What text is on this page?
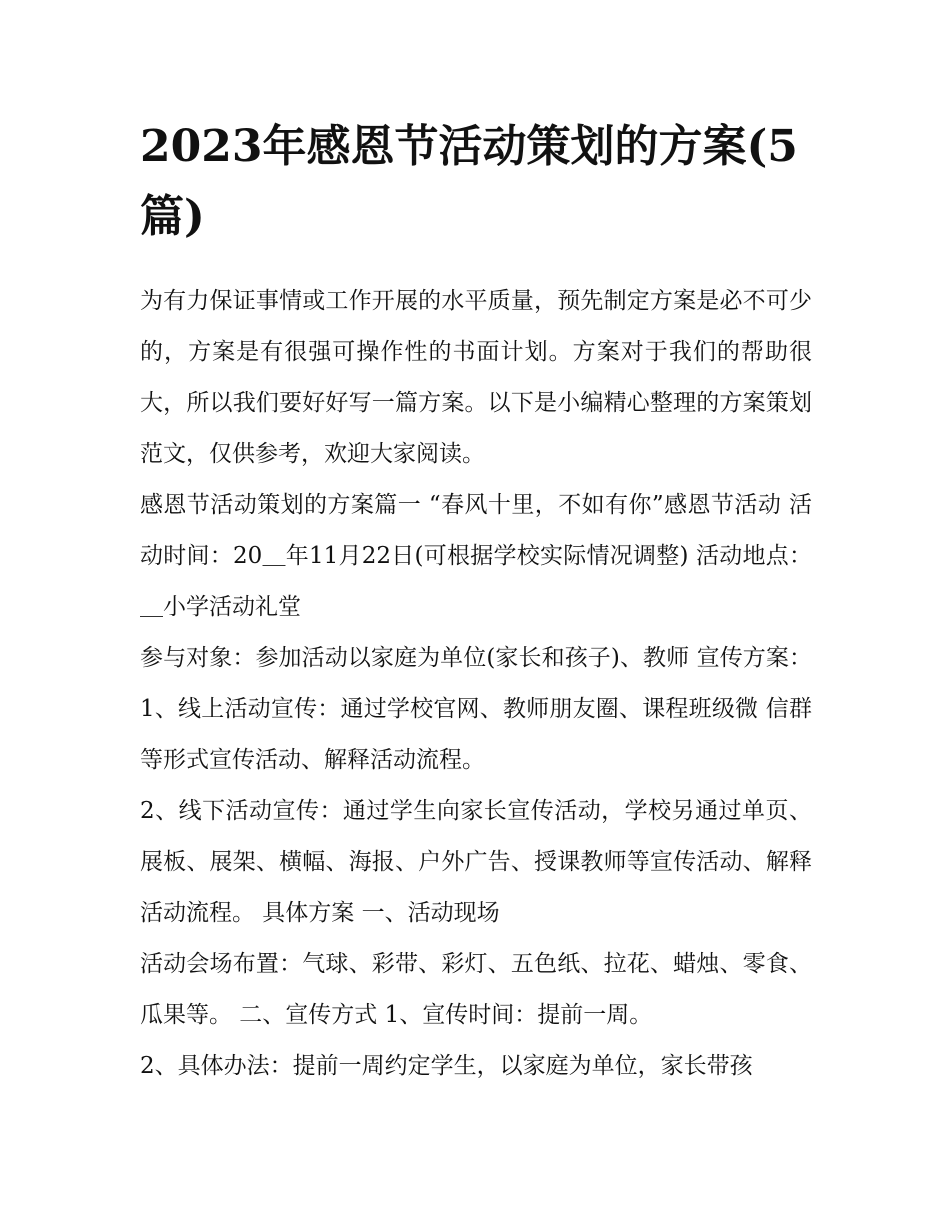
2023年感恩节活动策划的方案(5篇)

为有力保证事情或工作开展的水平质量，预先制定方案是必不可少的，方案是有很强可操作性的书面计划。方案对于我们的帮助很大，所以我们要好好写一篇方案。以下是小编精心整理的方案策划范文，仅供参考，欢迎大家阅读。

感恩节活动策划的方案篇一 “春风十里，不如有你”感恩节活动 活动时间：20＿年11月22日(可根据学校实际情况调整) 活动地点：＿小学活动礼堂

参与对象：参加活动以家庭为单位(家长和孩子)、教师 宣传方案：1、线上活动宣传：通过学校官网、教师朋友圈、课程班级微 信群等形式宣传活动、解释活动流程。

2、线下活动宣传：通过学生向家长宣传活动，学校另通过单页、展板、展架、横幅、海报、户外广告、授课教师等宣传活动、解释活动流程。 具体方案 一、活动现场

活动会场布置：气球、彩带、彩灯、五色纸、拉花、蜡烛、零食、瓜果等。 二、宣传方式 1、宣传时间：提前一周。

2、具体办法：提前一周约定学生，以家庭为单位，家长带孩
